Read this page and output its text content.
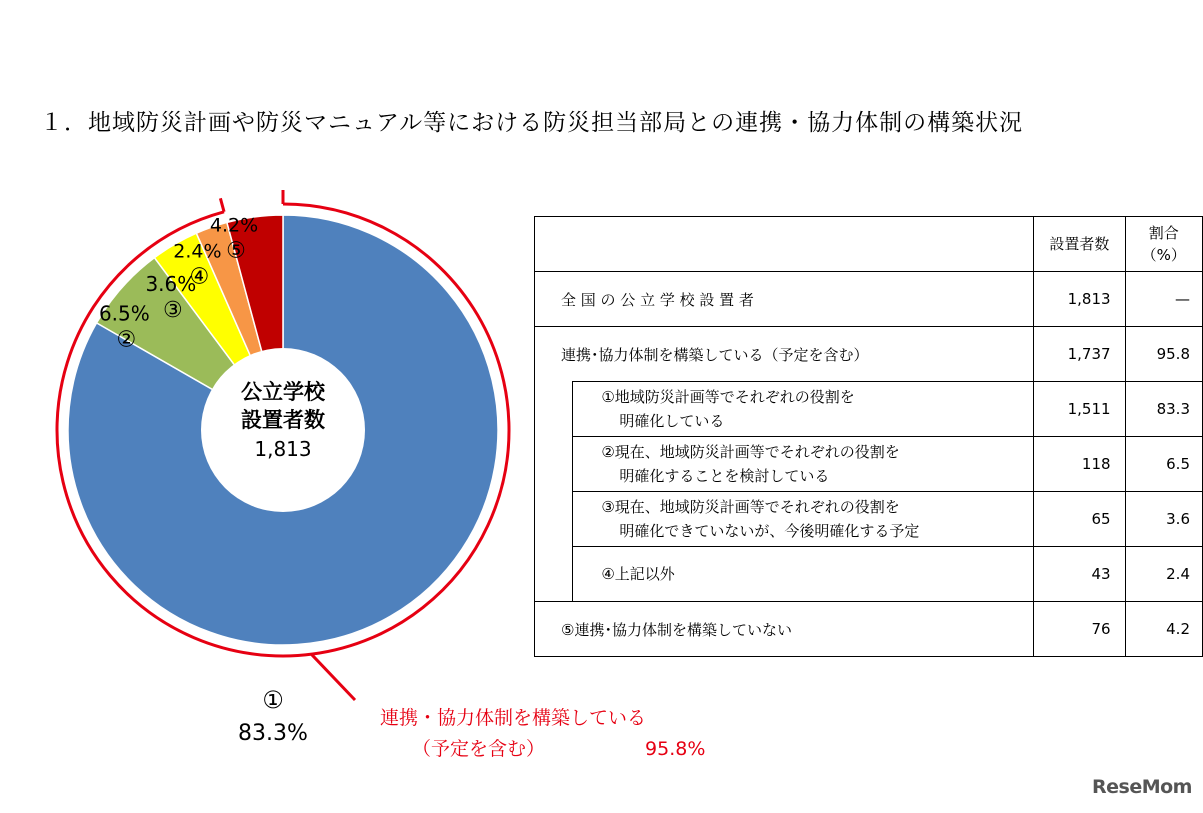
１．地域防災計画や防災マニュアル等における防災担当部局との連携・協力体制の構築状況
公立学校
設置者数
1,813
①
83.3%
②
6.5% ③
3.6%
④
2.4% ⑤
4.2%
連携・協力体制を構築している
（予定を含む）	95.8%
		設置者数	割合
（%）
全 国 の 公 立 学 校 設 置 者		1,813	—
連携･協力体制を構築している（予定を含む）		1,737	95.8
	①地域防災計画等でそれぞれの役割を
明確化している	1,511	83.3
	②現在、地域防災計画等でそれぞれの役割を
明確化することを検討している	118	6.5
	③現在、地域防災計画等でそれぞれの役割を
明確化できていないが、今後明確化する予定	65	3.6
	④上記以外	43	2.4
⑤連携･協力体制を構築していない		76	4.2
ReseMom
